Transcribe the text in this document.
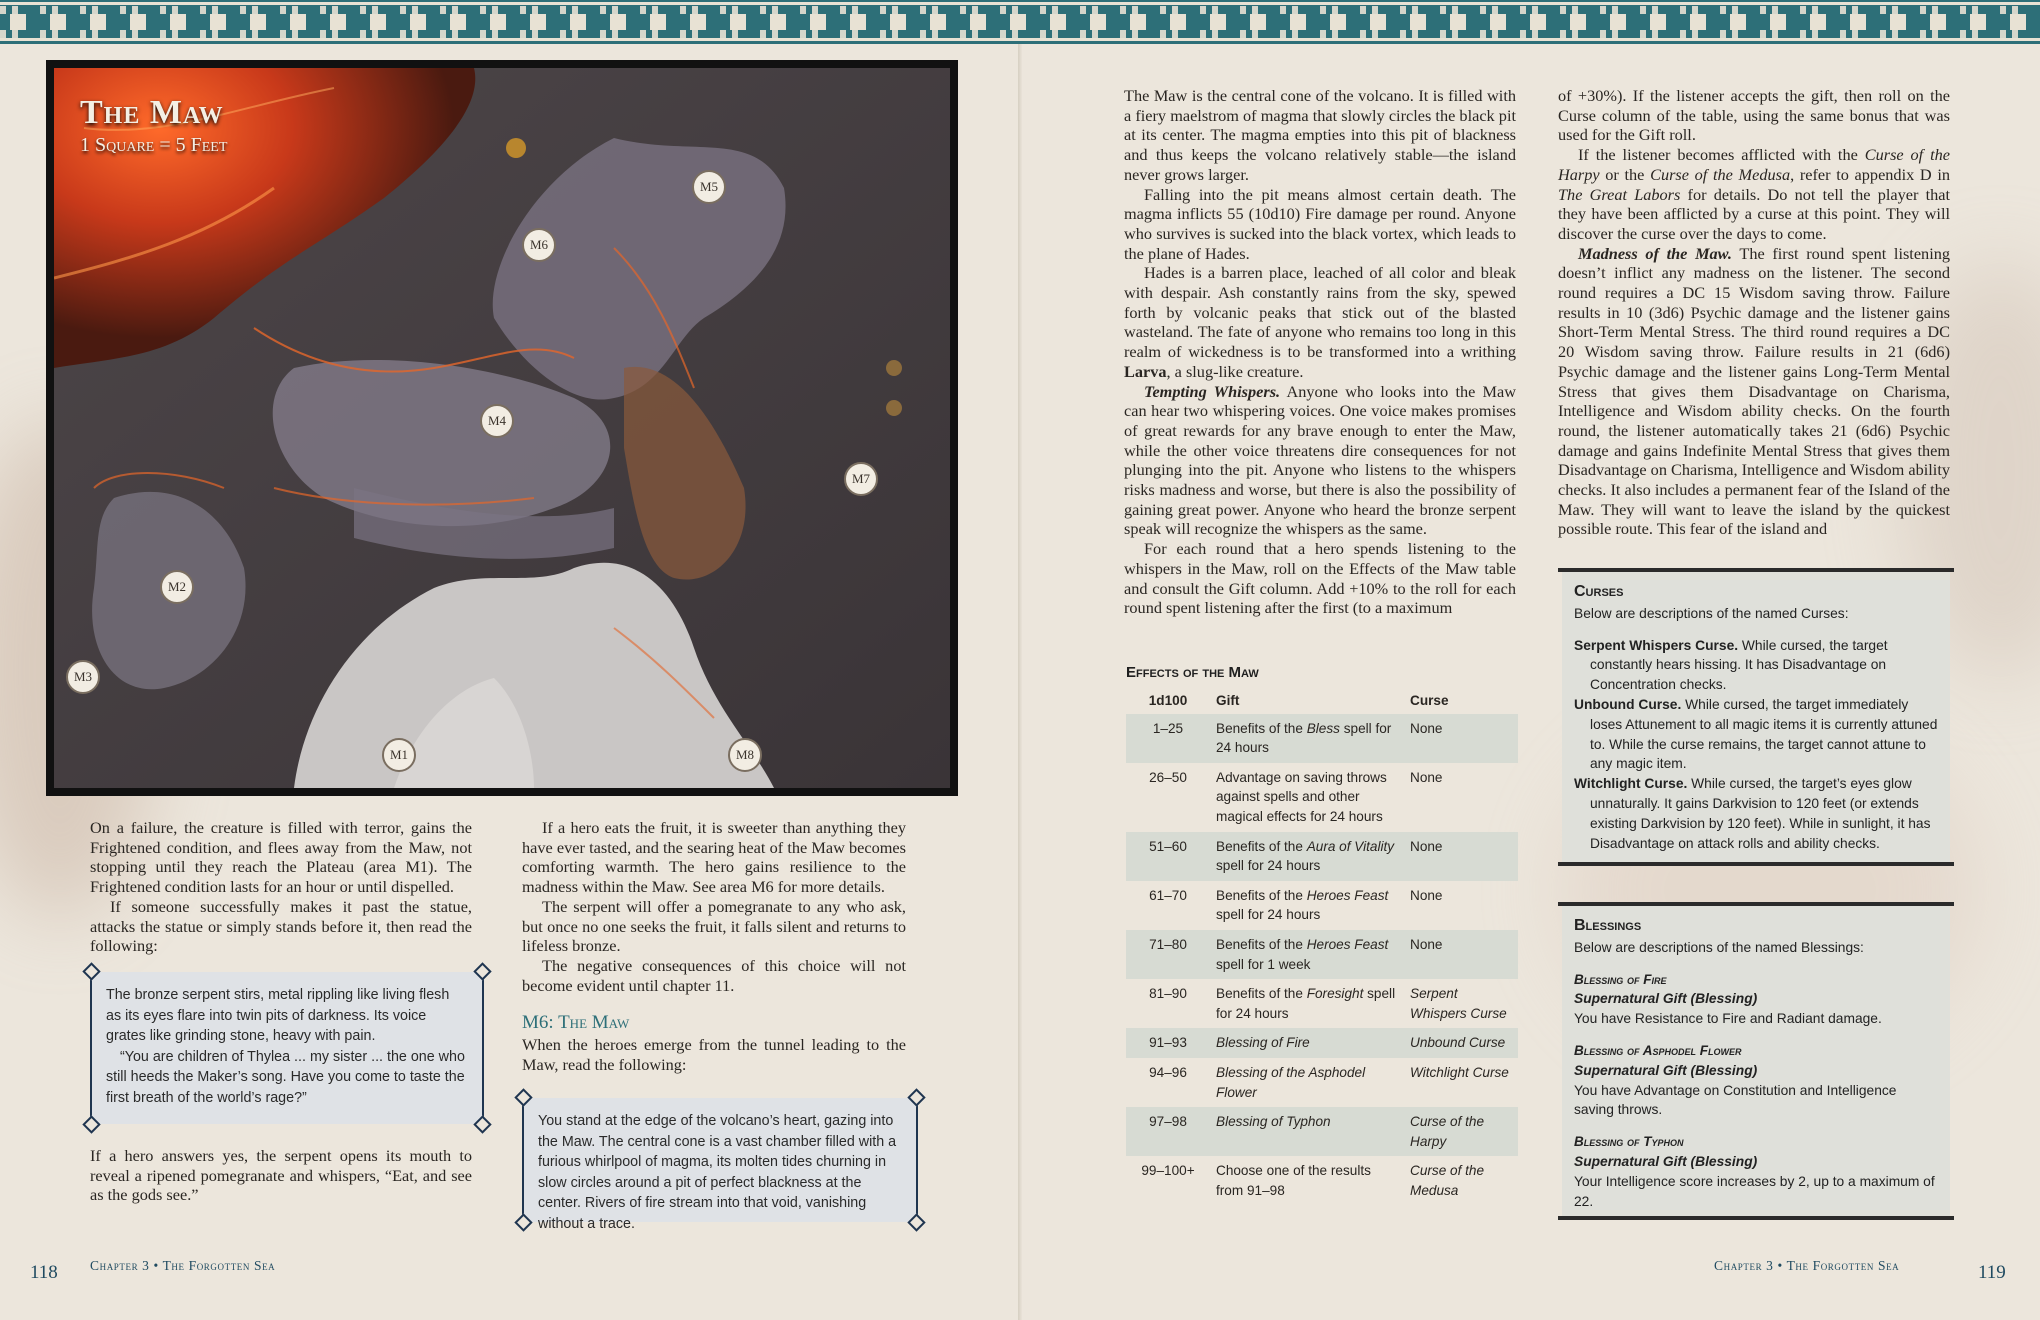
The Maw
1 Square = 5 Feet
M1
M2
M3
M4
M5
M6
M7
M8

On a failure, the creature is filled with terror, gains the Frightened condition, and flees away from the Maw, not stopping until they reach the Plateau (area M1). The Frightened condition lasts for an hour or until dispelled.

If someone successfully makes it past the statue, attacks the statue or simply stands before it, then read the following:

The bronze serpent stirs, metal rippling like living flesh as its eyes flare into twin pits of darkness. Its voice grates like grinding stone, heavy with pain.

“You are children of Thylea ... my sister ... the one who still heeds the Maker’s song. Have you come to taste the first breath of the world’s rage?”

If a hero answers yes, the serpent opens its mouth to reveal a ripened pomegranate and whispers, “Eat, and see as the gods see.”

If a hero eats the fruit, it is sweeter than anything they have ever tasted, and the searing heat of the Maw becomes comforting warmth. The hero gains resilience to the madness within the Maw. See area M6 for more details.

The serpent will offer a pomegranate to any who ask, but once no one seeks the fruit, it falls silent and returns to lifeless bronze.

The negative consequences of this choice will not become evident until chapter 11.

M6: The Maw

When the heroes emerge from the tunnel leading to the Maw, read the following:

You stand at the edge of the volcano’s heart, gazing into the Maw. The central cone is a vast chamber filled with a furious whirlpool of magma, its molten tides churning in slow circles around a pit of perfect blackness at the center. Rivers of fire stream into that void, vanishing without a trace.

The Maw is the central cone of the volcano. It is filled with a fiery maelstrom of magma that slowly circles the black pit at its center. The magma empties into this pit of blackness and thus keeps the volcano relatively stable—the island never grows larger.

Falling into the pit means almost certain death. The magma inflicts 55 (10d10) Fire damage per round. Anyone who survives is sucked into the black vortex, which leads to the plane of Hades.

Hades is a barren place, leached of all color and bleak with despair. Ash constantly rains from the sky, spewed forth by volcanic peaks that stick out of the blasted wasteland. The fate of anyone who remains too long in this realm of wickedness is to be transformed into a writhing Larva, a slug-like creature.

Tempting Whispers. Anyone who looks into the Maw can hear two whispering voices. One voice makes promises of great rewards for any brave enough to enter the Maw, while the other voice threatens dire consequences for not plunging into the pit. Anyone who listens to the whispers risks madness and worse, but there is also the possibility of gaining great power. Anyone who heard the bronze serpent speak will recognize the whispers as the same.

For each round that a hero spends listening to the whispers in the Maw, roll on the Effects of the Maw table and consult the Gift column. Add +10% to the roll for each round spent listening after the first (to a maximum

Effects of the Maw
1d100	Gift	Curse
1–25	Benefits of the Bless spell for 24 hours	None
26–50	Advantage on saving throws against spells and other magical effects for 24 hours	None
51–60	Benefits of the Aura of Vitality spell for 24 hours	None
61–70	Benefits of the Heroes Feast spell for 24 hours	None
71–80	Benefits of the Heroes Feast spell for 1 week	None
81–90	Benefits of the Foresight spell for 24 hours	Serpent Whispers Curse
91–93	Blessing of Fire	Unbound Curse
94–96	Blessing of the Asphodel Flower	Witchlight Curse
97–98	Blessing of Typhon	Curse of the Harpy
99–100+	Choose one of the results from 91–98	Curse of the Medusa

of +30%). If the listener accepts the gift, then roll on the Curse column of the table, using the same bonus that was used for the Gift roll.

If the listener becomes afflicted with the Curse of the Harpy or the Curse of the Medusa, refer to appendix D in The Great Labors for details. Do not tell the player that they have been afflicted by a curse at this point. They will discover the curse over the days to come.

Madness of the Maw. The first round spent listening doesn’t inflict any madness on the listener. The second round requires a DC 15 Wisdom saving throw. Failure results in 10 (3d6) Psychic damage and the listener gains Short-Term Mental Stress. The third round requires a DC 20 Wisdom saving throw. Failure results in 21 (6d6) Psychic damage and the listener gains Long-Term Mental Stress that gives them Disadvantage on Charisma, Intelligence and Wisdom ability checks. On the fourth round, the listener automatically takes 21 (6d6) Psychic damage and gains Indefinite Mental Stress that gives them Disadvantage on Charisma, Intelligence and Wisdom ability checks. It also includes a permanent fear of the Island of the Maw. They will want to leave the island by the quickest possible route. This fear of the island and

Curses

Below are descriptions of the named Curses:

Serpent Whispers Curse. While cursed, the target constantly hears hissing. It has Disadvantage on Concentration checks.

Unbound Curse. While cursed, the target immediately loses Attunement to all magic items it is currently attuned to. While the curse remains, the target cannot attune to any magic item.

Witchlight Curse. While cursed, the target’s eyes glow unnaturally. It gains Darkvision to 120 feet (or extends existing Darkvision by 120 feet). While in sunlight, it has Disadvantage on attack rolls and ability checks.

Blessings

Below are descriptions of the named Blessings:

Blessing of Fire

Supernatural Gift (Blessing)

You have Resistance to Fire and Radiant damage.

Blessing of Asphodel Flower

Supernatural Gift (Blessing)

You have Advantage on Constitution and Intelligence saving throws.

Blessing of Typhon

Supernatural Gift (Blessing)

Your Intelligence score increases by 2, up to a maximum of 22.

118 Chapter 3 • The Forgotten Sea	Chapter 3 • The Forgotten Sea	119
